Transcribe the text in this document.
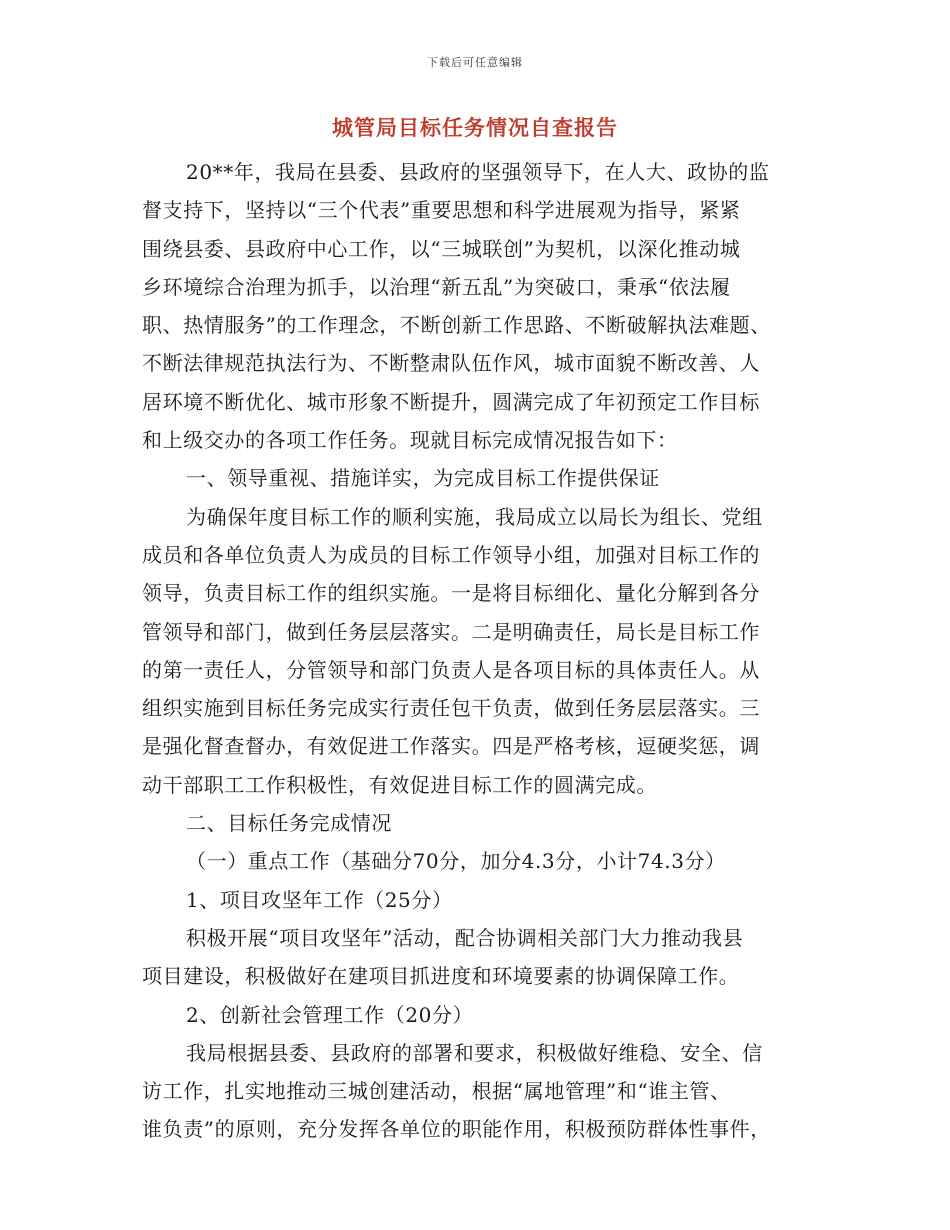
下载后可任意编辑
城管局目标任务情况自查报告
20**年，我局在县委、县政府的坚强领导下，在人大、政协的监
督支持下，坚持以“三个代表”重要思想和科学进展观为指导，紧紧
围绕县委、县政府中心工作，以“三城联创”为契机，以深化推动城
乡环境综合治理为抓手，以治理“新五乱”为突破口，秉承“依法履
职、热情服务”的工作理念，不断创新工作思路、不断破解执法难题、
不断法律规范执法行为、不断整肃队伍作风，城市面貌不断改善、人
居环境不断优化、城市形象不断提升，圆满完成了年初预定工作目标
和上级交办的各项工作任务。现就目标完成情况报告如下：
一、领导重视、措施详实，为完成目标工作提供保证
为确保年度目标工作的顺利实施，我局成立以局长为组长、党组
成员和各单位负责人为成员的目标工作领导小组，加强对目标工作的
领导，负责目标工作的组织实施。一是将目标细化、量化分解到各分
管领导和部门，做到任务层层落实。二是明确责任，局长是目标工作
的第一责任人，分管领导和部门负责人是各项目标的具体责任人。从
组织实施到目标任务完成实行责任包干负责，做到任务层层落实。三
是强化督查督办，有效促进工作落实。四是严格考核，逗硬奖惩，调
动干部职工工作积极性，有效促进目标工作的圆满完成。
二、目标任务完成情况
（一）重点工作（基础分70分，加分4.3分，小计74.3分）
1、项目攻坚年工作（25分）
积极开展“项目攻坚年”活动，配合协调相关部门大力推动我县
项目建设，积极做好在建项目抓进度和环境要素的协调保障工作。
2、创新社会管理工作（20分）
我局根据县委、县政府的部署和要求，积极做好维稳、安全、信
访工作，扎实地推动三城创建活动，根据“属地管理”和“谁主管、
谁负责”的原则，充分发挥各单位的职能作用，积极预防群体性事件，
